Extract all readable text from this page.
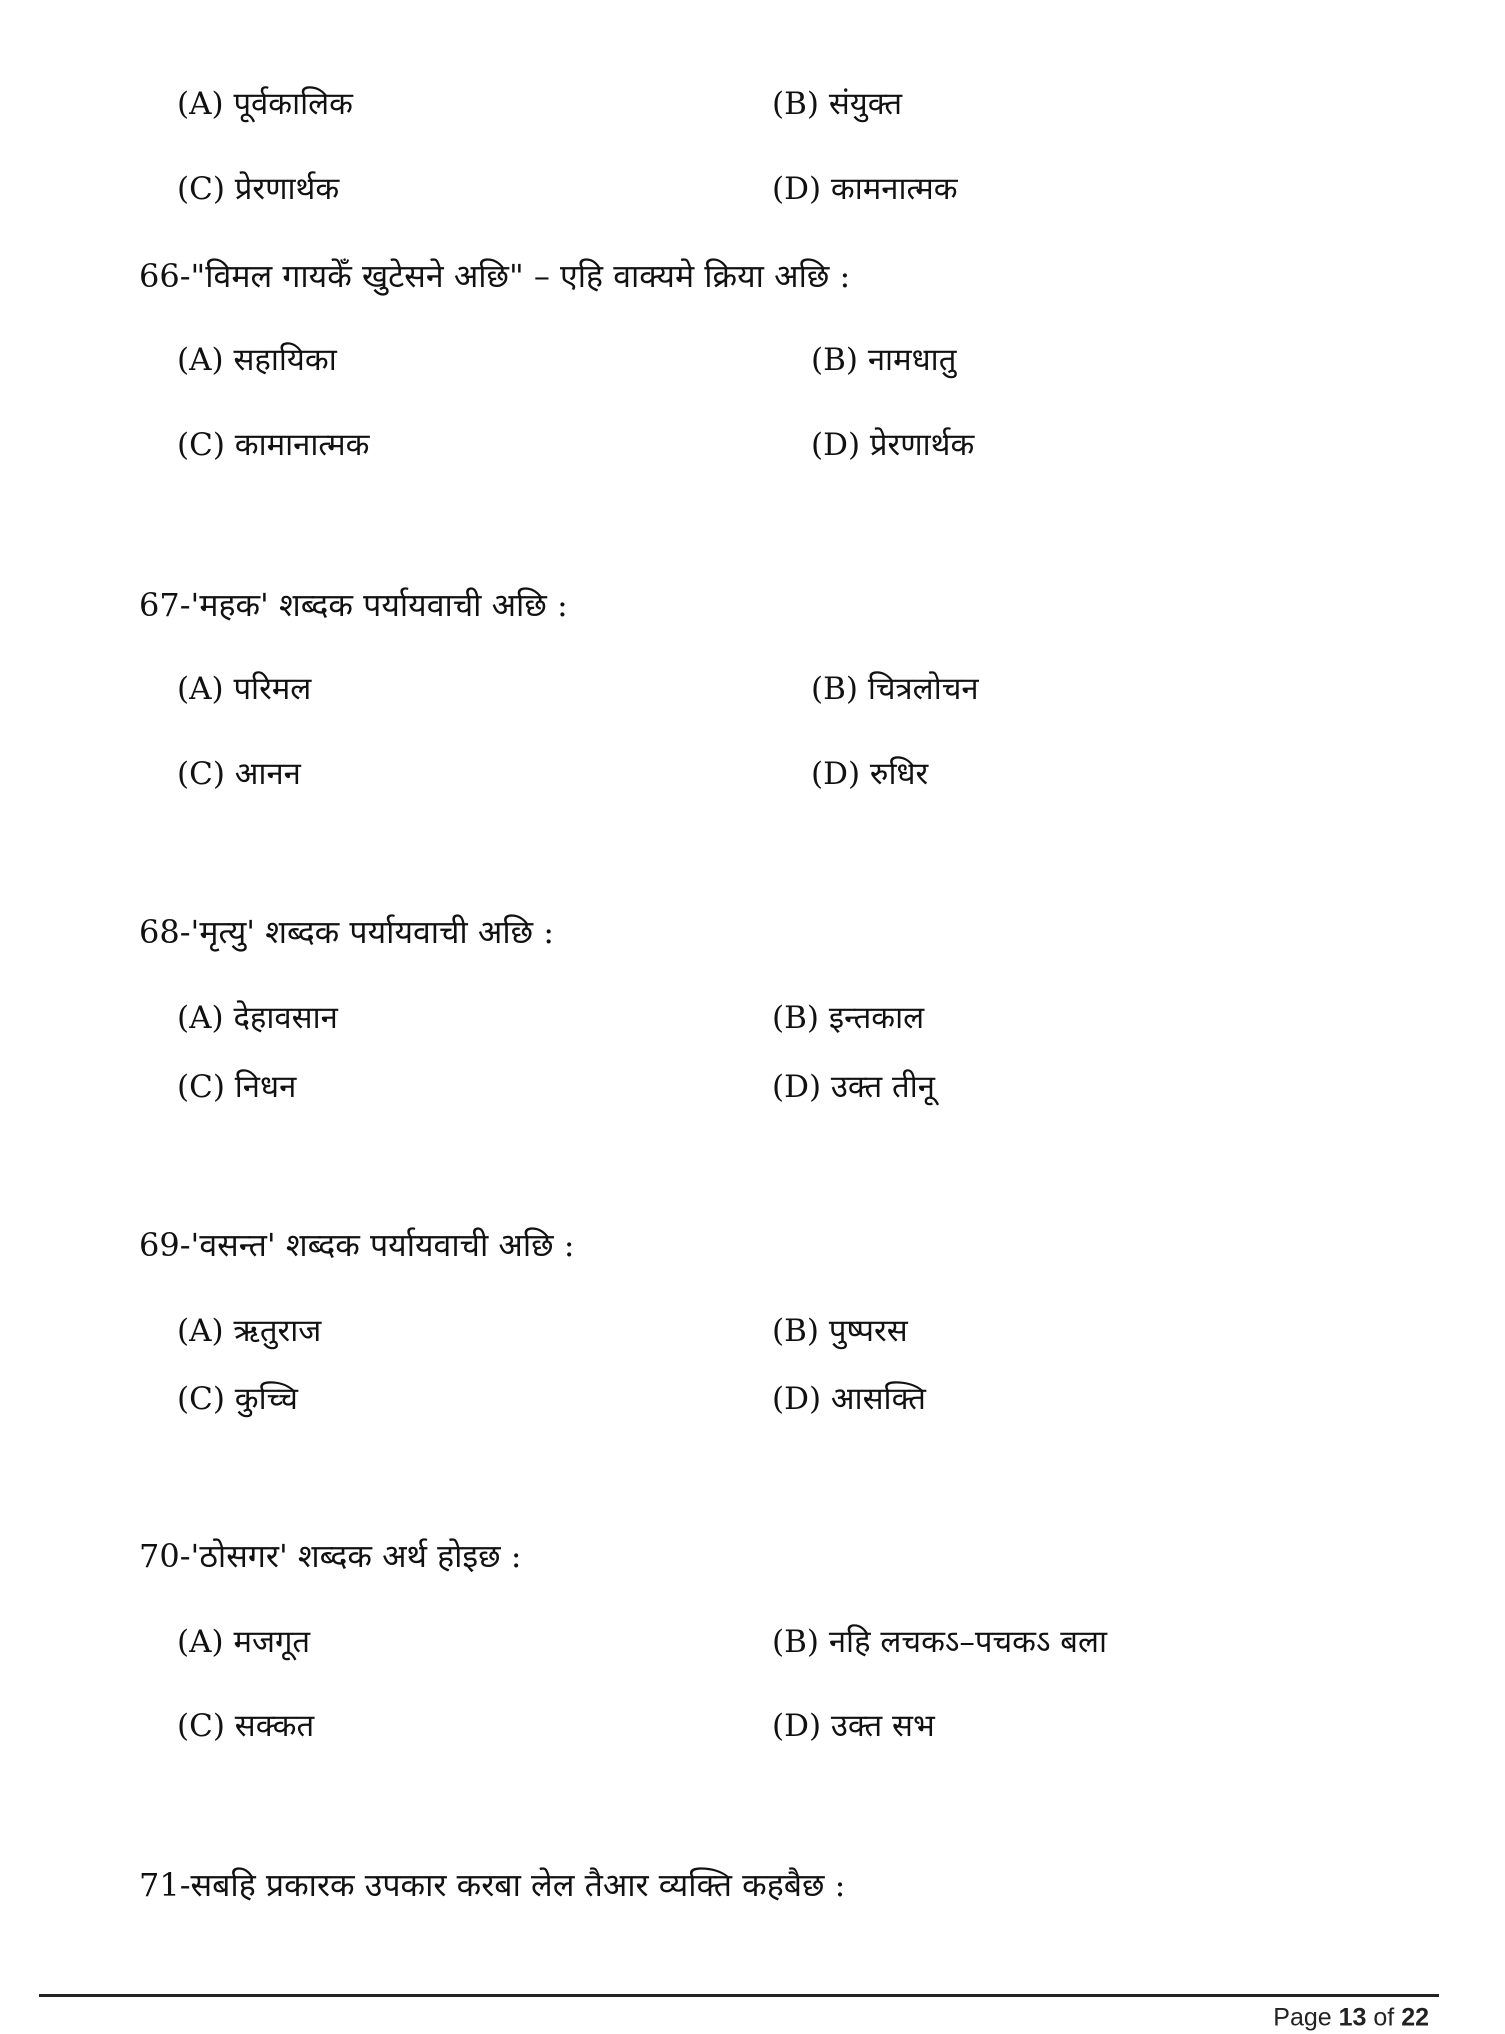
(A) पूर्वकालिक	(B) संयुक्त
(C) प्रेरणार्थक	(D) कामनात्मक
66-"विमल गायकेँ खुटेसने अछि" – एहि वाक्यमे क्रिया अछि :
(A) सहायिका	(B) नामधातु
(C) कामानात्मक	(D) प्रेरणार्थक
67-'महक' शब्दक पर्यायवाची अछि :
(A) परिमल	(B) चित्रलोचन
(C) आनन	(D) रुधिर
68-'मृत्यु' शब्दक पर्यायवाची अछि :
(A) देहावसान	(B) इन्तकाल
(C) निधन	(D) उक्त तीनू
69-'वसन्त' शब्दक पर्यायवाची अछि :
(A) ऋतुराज	(B) पुष्परस
(C) कुच्चि	(D) आसक्ति
70-'ठोसगर' शब्दक अर्थ होइछ :
(A) मजगूत	(B) नहि लचकऽ–पचकऽ बला
(C) सक्कत	(D) उक्त सभ
71-सबहि प्रकारक उपकार करबा लेल तैआर व्यक्ति कहबैछ :
Page 13 of 22
